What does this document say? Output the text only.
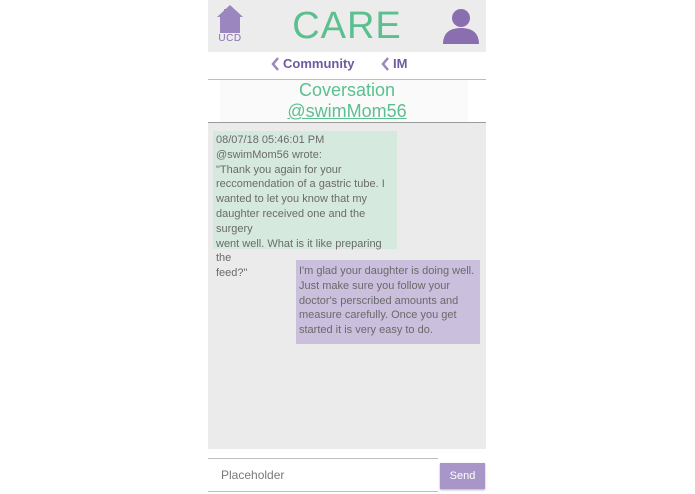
UCD	CARE
Community	IM
Coversation
@swimMom56
08/07/18 05:46:01 PM
@swimMom56 wrote:
"Thank you again for your
reccomendation of a gastric tube. I
wanted to let you know that my
daughter received one and the surgery
went well. What is it like preparing the
feed?"	I'm glad your daughter is doing well.
Just make sure you follow your
doctor's perscribed amounts and
measure carefully. Once you get
started it is very easy to do.
Placeholder
Send
